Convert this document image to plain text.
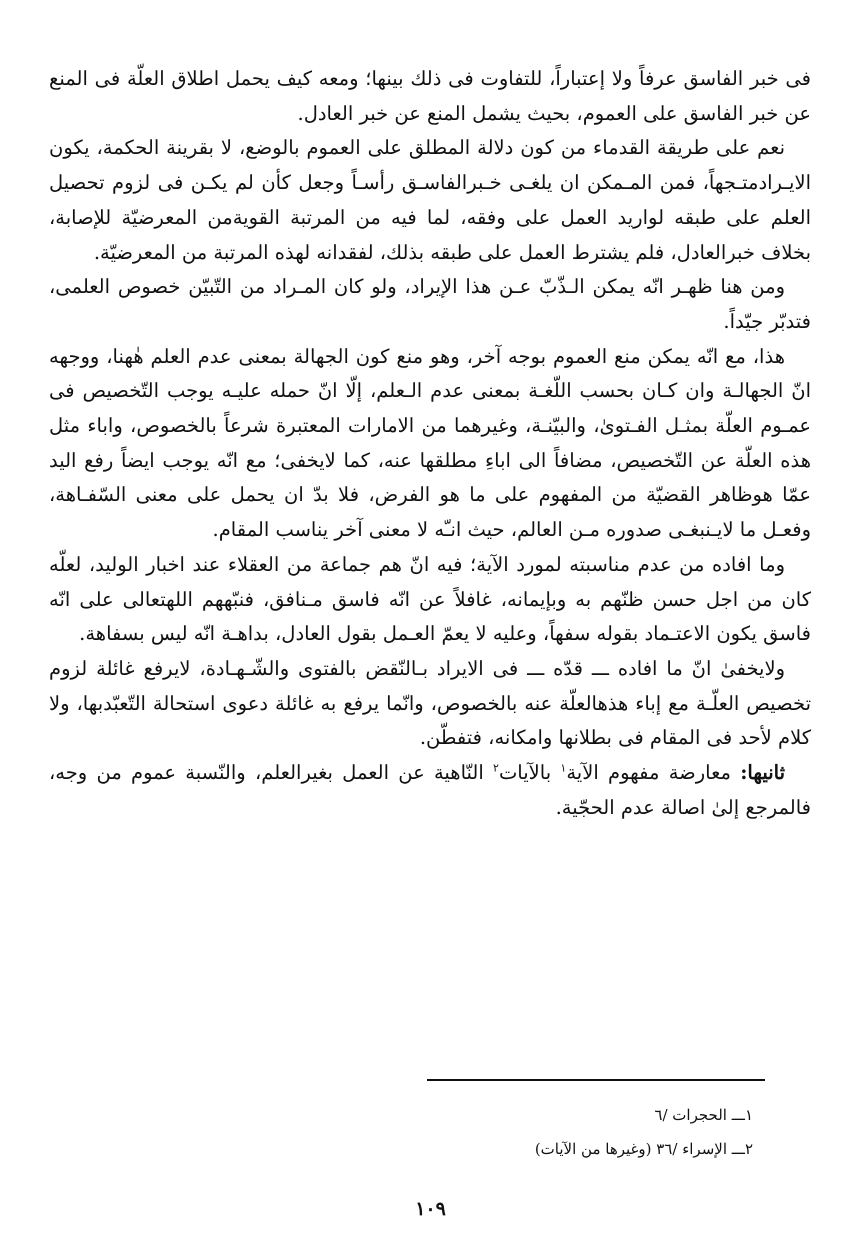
فى خبر الفاسق عرفاً ولا إعتباراً، للتفاوت فى ذلك بينها؛ ومعه كيف يحمل اطلاق العلّة فى المنع عن خبر الفاسق على العموم، بحيث يشمل المنع عن خبر العادل.

نعم على طريقة القدماء من كون دلالة المطلق على العموم بالوضع، لا بقرينة الحكمة، يكون الايـرادمتـجهاً، فمن المـمكن ان يلغـى خـبرالفاسـق رأسـاً وجعل كأن لم يكـن فى لزوم تحصيل العلم على طبقه لواريد العمل على وفقه، لما فيه من المرتبة القويةمن المعرضيّة للإصابة، بخلاف خبرالعادل، فلم يشترط العمل على طبقه بذلك، لفقدانه لهذه المرتبة من المعرضيّة.

ومن هنا ظهـر انّه يمكن الـذّبّ عـن هذا الإيراد، ولو كان المـراد من التّبيّن خصوص العلمى، فتدبّر جيّداً.

هذا، مع انّه يمكن منع العموم بوجه آخر، وهو منع كون الجهالة بمعنى عدم العلم هٰهنا، ووجهه انّ الجهالـة وان كـان بحسب اللّغـة بمعنى عدم الـعلم، إلّا انّ حمله عليـه يوجب التّخصيص فى عمـوم العلّة بمثـل الفـتوىٰ، والبيّنـة، وغيرهما من الامارات المعتبرة شرعاً بالخصوص، واباء مثل هذه العلّة عن التّخصيص، مضافاً الى اباءِ مطلقها عنه، كما لايخفى؛ مع انّه يوجب ايضاً رفع اليد عمّا هوظاهر القضيّة من المفهوم على ما هو الفرض، فلا بدّ ان يحمل على معنى السّفـاهة، وفعـل ما لايـنبغـى صدوره مـن العالم، حيث انـّه لا معنى آخر يناسب المقام.

وما افاده من عدم مناسبته لمورد الآية؛ فيه انّ هم جماعة من العقلاء عند اخبار الوليد، لعلّه كان من اجل حسن ظنّهم به وبإيمانه، غافلاً عن انّه فاسق مـنافق، فنبّههم اللهتعالى على انّه فاسق يكون الاعتـماد بقوله سفهاً، وعليه لا يعمّ العـمل بقول العادل، بداهـة انّه ليس بسفاهة.

ولايخفىٰ انّ ما افاده ـــ قدّه ـــ فى الايراد بـالنّقض بالفتوى والشّـهـادة، لايرفع غائلة لزوم تخصيص العلّـة مع إباء هذهالعلّة عنه بالخصوص، وانّما يرفع به غائلة دعوى استحالة التّعبّدبها، ولا كلام لأحد فى المقام فى بطلانها وامكانه، فتفطّن.

ثانيها: معارضة مفهوم الآية$^١$ بالآيات$^٢$ النّاهية عن العمل بغيرالعلم، والنّسبة عموم من وجه، فالمرجع إلىٰ اصالة عدم الحجّية.

١ـــ الحجرات /٦

٢ـــ الإسراء /٣٦ (وغيرها من الآيات)

١٠٩
